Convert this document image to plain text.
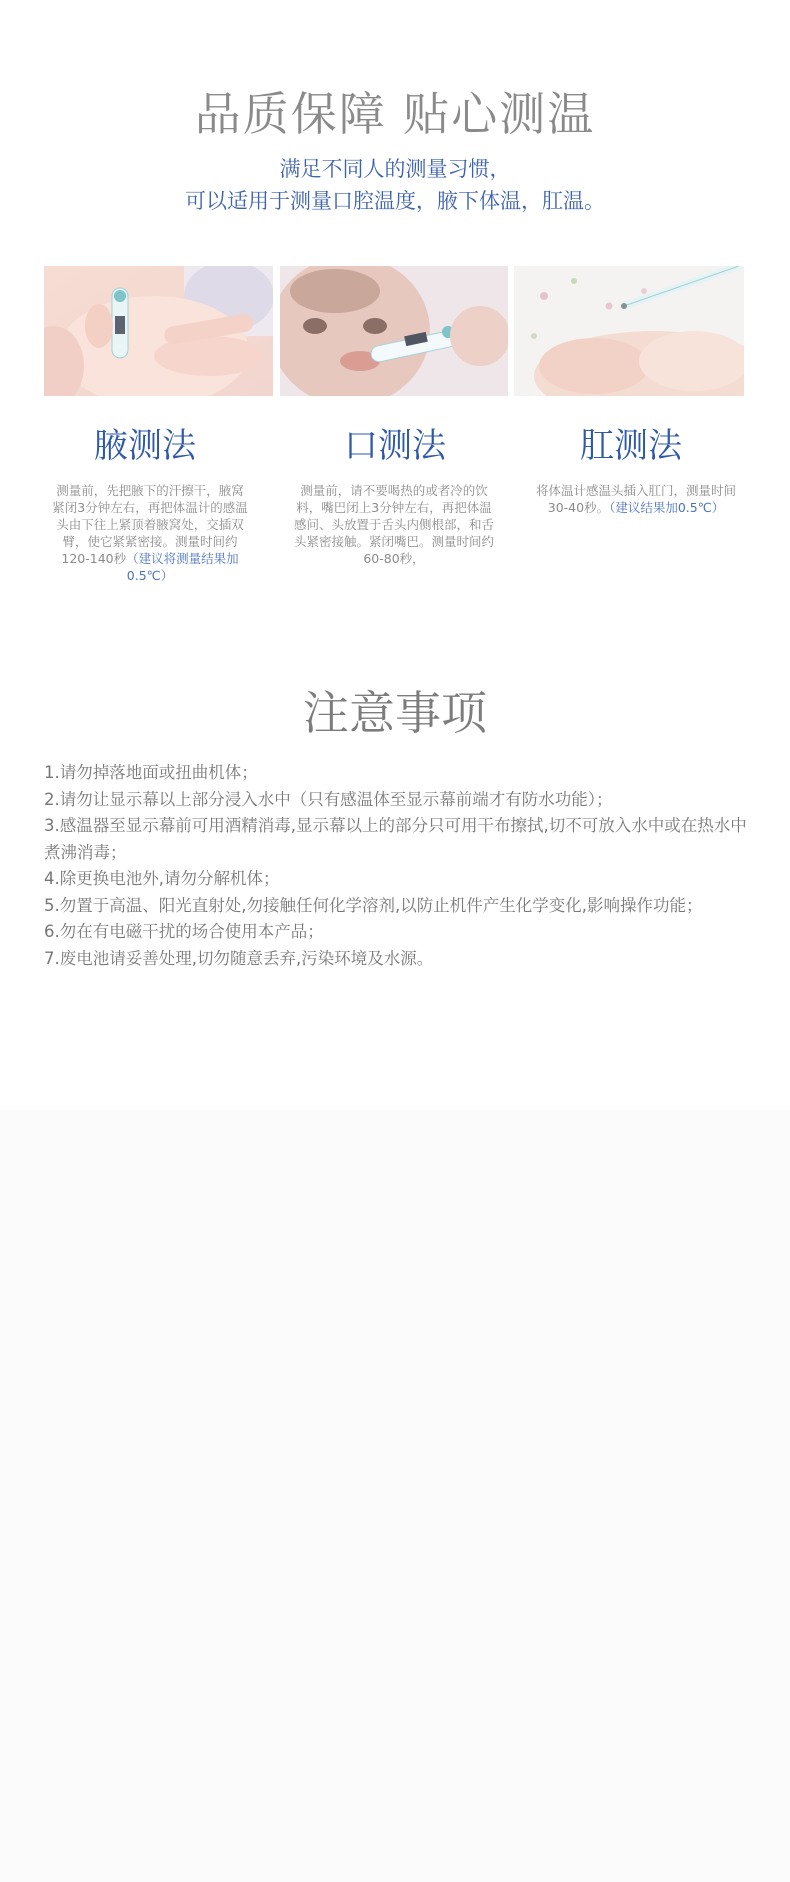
品质保障 贴心测温
满足不同人的测量习惯，
可以适用于测量口腔温度，腋下体温，肛温。
腋测法	口测法	肛测法

测量前，先把腋下的汗擦干，腋窝紧闭3分钟左右，再把体温计的感温头由下往上紧顶着腋窝处，交插双臂，使它紧紧密接。测量时间约120-140秒（建议将测量结果加0.5℃）

测量前，请不要喝热的或者冷的饮料，嘴巴闭上3分钟左右，再把体温感问、头放置于舌头内侧根部，和舌头紧密接触。紧闭嘴巴。测量时间约60-80秒，

将体温计感温头插入肛门，测量时间30-40秒。（建议结果加0.5℃）

注意事项
1.请勿掉落地面或扭曲机体；
2.请勿让显示幕以上部分浸入水中（只有感温体至显示幕前端才有防水功能）；
3.感温器至显示幕前可用酒精消毒,显示幕以上的部分只可用干布擦拭,切不可放入水中或在热水中煮沸消毒；
4.除更换电池外,请勿分解机体；
5.勿置于高温、阳光直射处,勿接触任何化学溶剂,以防止机件产生化学变化,影响操作功能；
6.勿在有电磁干扰的场合使用本产品；
7.废电池请妥善处理,切勿随意丢弃,污染环境及水源。
